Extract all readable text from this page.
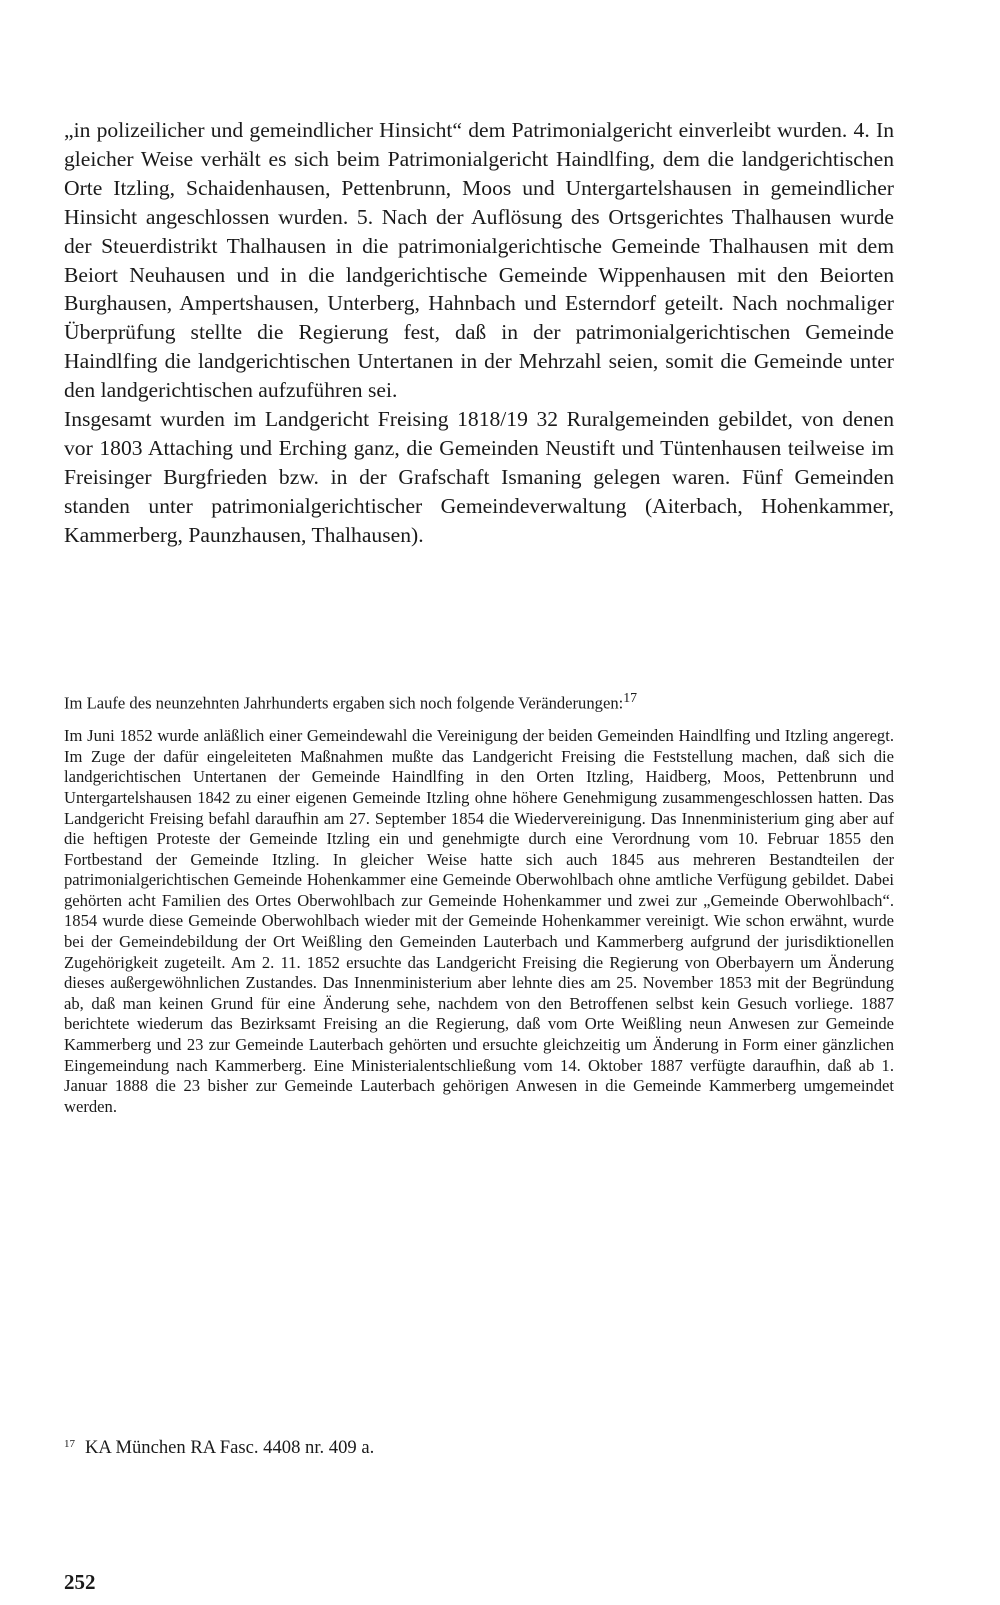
„in polizeilicher und gemeindlicher Hinsicht“ dem Patrimonialgericht einverleibt wurden. 4. In gleicher Weise verhält es sich beim Patrimonialgericht Haindlfing, dem die landgerichtischen Orte Itzling, Schaidenhausen, Pettenbrunn, Moos und Untergartelshausen in gemeindlicher Hinsicht angeschlossen wurden. 5. Nach der Auflösung des Ortsgerichtes Thalhausen wurde der Steuerdistrikt Thalhausen in die patrimonialgerichtische Gemeinde Thalhausen mit dem Beiort Neuhausen und in die landgerichtische Gemeinde Wippenhausen mit den Beiorten Burghausen, Ampertshausen, Unterberg, Hahnbach und Esterndorf geteilt. Nach nochmaliger Überprüfung stellte die Regierung fest, daß in der patrimonialgerichtischen Gemeinde Haindlfing die landgerichtischen Untertanen in der Mehrzahl seien, somit die Gemeinde unter den landgerichtischen aufzuführen sei.

Insgesamt wurden im Landgericht Freising 1818/19 32 Ruralgemeinden gebildet, von denen vor 1803 Attaching und Erching ganz, die Gemeinden Neustift und Tüntenhausen teilweise im Freisinger Burgfrieden bzw. in der Grafschaft Ismaning gelegen waren. Fünf Gemeinden standen unter patrimonialgerichtischer Gemeindeverwaltung (Aiterbach, Hohenkammer, Kammerberg, Paunzhausen, Thalhausen).

Im Laufe des neunzehnten Jahrhunderts ergaben sich noch folgende Veränderungen:$^{17}$

Im Juni 1852 wurde anläßlich einer Gemeindewahl die Vereinigung der beiden Gemeinden Haindlfing und Itzling angeregt. Im Zuge der dafür eingeleiteten Maßnahmen mußte das Landgericht Freising die Feststellung machen, daß sich die landgerichtischen Untertanen der Gemeinde Haindlfing in den Orten Itzling, Haidberg, Moos, Pettenbrunn und Untergartelshausen 1842 zu einer eigenen Gemeinde Itzling ohne höhere Genehmigung zusammengeschlossen hatten. Das Landgericht Freising befahl daraufhin am 27. September 1854 die Wiedervereinigung. Das Innenministerium ging aber auf die heftigen Proteste der Gemeinde Itzling ein und genehmigte durch eine Verordnung vom 10. Februar 1855 den Fortbestand der Gemeinde Itzling. In gleicher Weise hatte sich auch 1845 aus mehreren Bestandteilen der patrimonialgerichtischen Gemeinde Hohenkammer eine Gemeinde Oberwohlbach ohne amtliche Verfügung gebildet. Dabei gehörten acht Familien des Ortes Oberwohlbach zur Gemeinde Hohenkammer und zwei zur „Gemeinde Oberwohlbach“. 1854 wurde diese Gemeinde Oberwohlbach wieder mit der Gemeinde Hohenkammer vereinigt. Wie schon erwähnt, wurde bei der Gemeindebildung der Ort Weißling den Gemeinden Lauterbach und Kammerberg aufgrund der jurisdiktionellen Zugehörigkeit zugeteilt. Am 2. 11. 1852 ersuchte das Landgericht Freising die Regierung von Oberbayern um Änderung dieses außergewöhnlichen Zustandes. Das Innenministerium aber lehnte dies am 25. November 1853 mit der Begründung ab, daß man keinen Grund für eine Änderung sehe, nachdem von den Betroffenen selbst kein Gesuch vorliege. 1887 berichtete wiederum das Bezirksamt Freising an die Regierung, daß vom Orte Weißling neun Anwesen zur Gemeinde Kammerberg und 23 zur Gemeinde Lauterbach gehörten und ersuchte gleichzeitig um Änderung in Form einer gänzlichen Eingemeindung nach Kammerberg. Eine Ministerialentschließung vom 14. Oktober 1887 verfügte daraufhin, daß ab 1. Januar 1888 die 23 bisher zur Gemeinde Lauterbach gehörigen Anwesen in die Gemeinde Kammerberg umgemeindet werden.

$^{17}$ KA München RA Fasc. 4408 nr. 409 a.
252
